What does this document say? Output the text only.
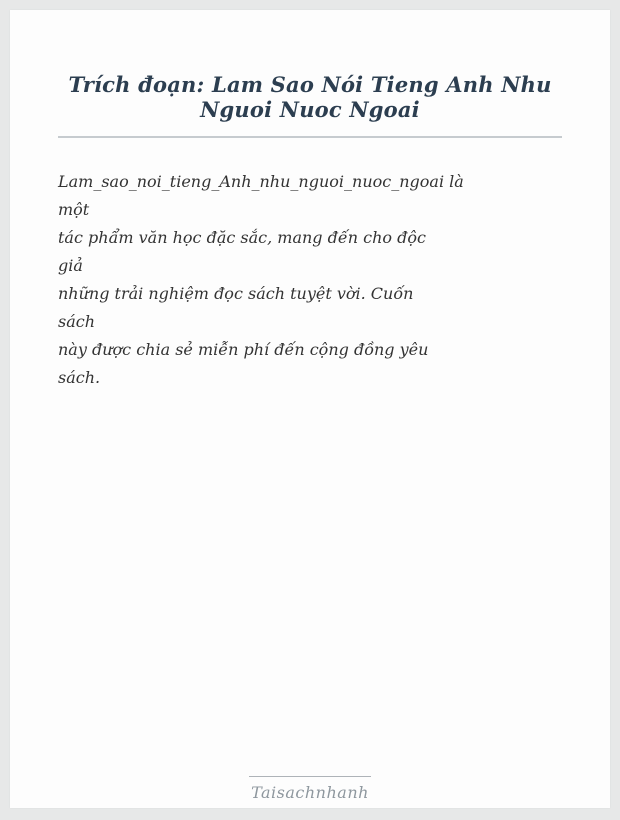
Trích đoạn: Lam Sao Nói Tieng Anh Nhu Nguoi Nuoc Ngoai
Lam_sao_noi_tieng_Anh_nhu_nguoi_nuoc_ngoai là
một
tác phẩm văn học đặc sắc, mang đến cho độc
giả
những trải nghiệm đọc sách tuyệt vời. Cuốn
sách
này được chia sẻ miễn phí đến cộng đồng yêu
sách.
Taisachnhanh
